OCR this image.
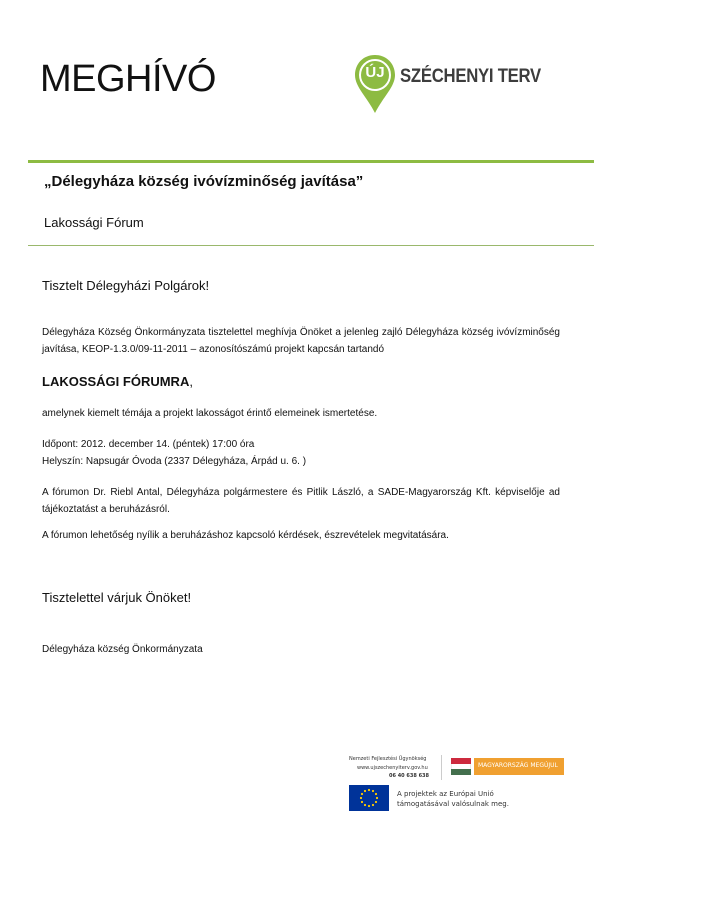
MEGHÍVÓ	ÚJ SZÉCHENYI TERV
„Délegyháza község ivóvízminőség javítása”
Lakossági Fórum
Tisztelt Délegyházi Polgárok!
Délegyháza Község Önkormányzata tisztelettel meghívja Önöket a jelenleg zajló Délegyháza község ivóvízminőség javítása, KEOP-1.3.0/09-11-2011 – azonosítószámú projekt kapcsán tartandó
LAKOSSÁGI FÓRUMRA,
amelynek kiemelt témája a projekt lakosságot érintő elemeinek ismertetése.
Időpont: 2012. december 14. (péntek) 17:00 óra
Helyszín: Napsugár Óvoda (2337 Délegyháza, Árpád u. 6. )
A fórumon Dr. Riebl Antal, Délegyháza polgármestere és Pitlik László, a SADE-Magyarország Kft. képviselője ad tájékoztatást a beruházásról.
A fórumon lehetőség nyílik a beruházáshoz kapcsoló kérdések, észrevételek megvitatására.
Tisztelettel várjuk Önöket!
Délegyháza község Önkormányzata
Nemzeti Fejlesztési Ügynökség
www.ujszechenyiterv.gov.hu
06 40 638 638
MAGYARORSZÁG MEGÚJUL
A projektek az Európai Unió
támogatásával valósulnak meg.
